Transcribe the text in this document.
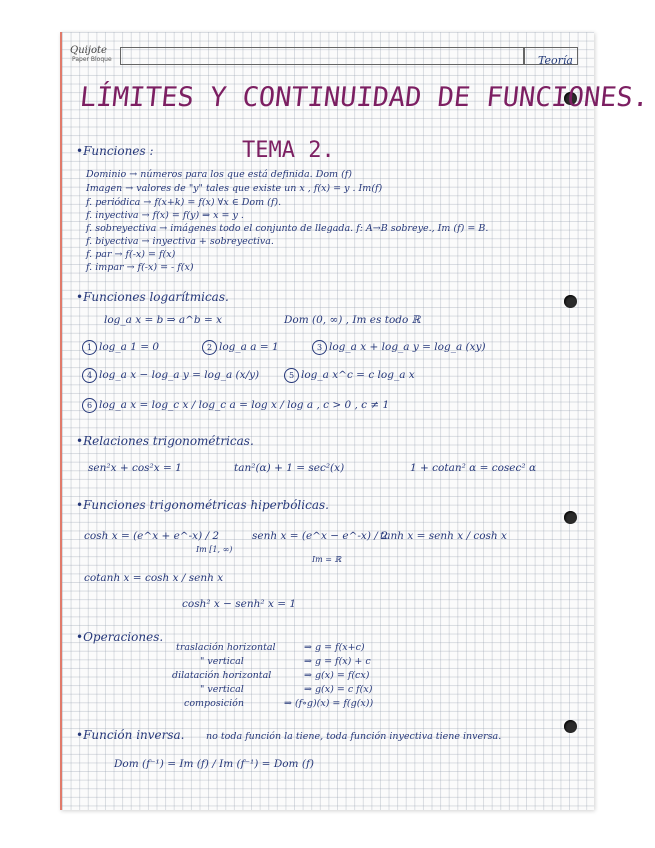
Quijote
Paper Bloque	Teoría
LÍMITES Y CONTINUIDAD DE FUNCIONES.
TEMA 2.
•Funciones :
Dominio → números para los que está definida. Dom (f)
Imagen → valores de "y" tales que existe un x , f(x) = y . Im(f)
f. periódica → f(x+k) = f(x) ∀x ∈ Dom (f).
f. inyectiva → f(x) = f(y) ⇒ x = y .
f. sobreyectiva → imágenes todo el conjunto de llegada. f: A→B sobreye., Im (f) = B.
f. biyectiva → inyectiva + sobreyectiva.
f. par → f(-x) = f(x)
f. impar → f(-x) = - f(x)
•Funciones logarítmicas.
log_a x = b ⇒ a^b = x	Dom (0, ∞) , Im es todo ℝ
1 log_a 1 = 0	2 log_a a = 1	3 log_a x + log_a y = log_a (xy)
4 log_a x − log_a y = log_a (x/y)	5 log_a x^c = c log_a x
6 log_a x = log_c x / log_c a = log x / log a , c > 0 , c ≠ 1
•Relaciones trigonométricas.
sen²x + cos²x = 1	tan²(α) + 1 = sec²(x)	1 + cotan² α = cosec² α
•Funciones trigonométricas hiperbólicas.
cosh x = (e^x + e^-x) / 2
Im [1, ∞)
senh x = (e^x − e^-x) / 2
Im = ℝ
tanh x = senh x / cosh x
cotanh x = cosh x / senh x
cosh² x − senh² x = 1
•Operaciones.
traslación horizontal	⇒ g = f(x+c)
" vertical	⇒ g = f(x) + c
dilatación horizontal	⇒ g(x) = f(cx)
" vertical	⇒ g(x) = c f(x)
composición	⇒ (f∘g)(x) = f(g(x))
•Función inversa. no toda función la tiene, toda función inyectiva tiene inversa.
Dom (f⁻¹) = Im (f) / Im (f⁻¹) = Dom (f)
